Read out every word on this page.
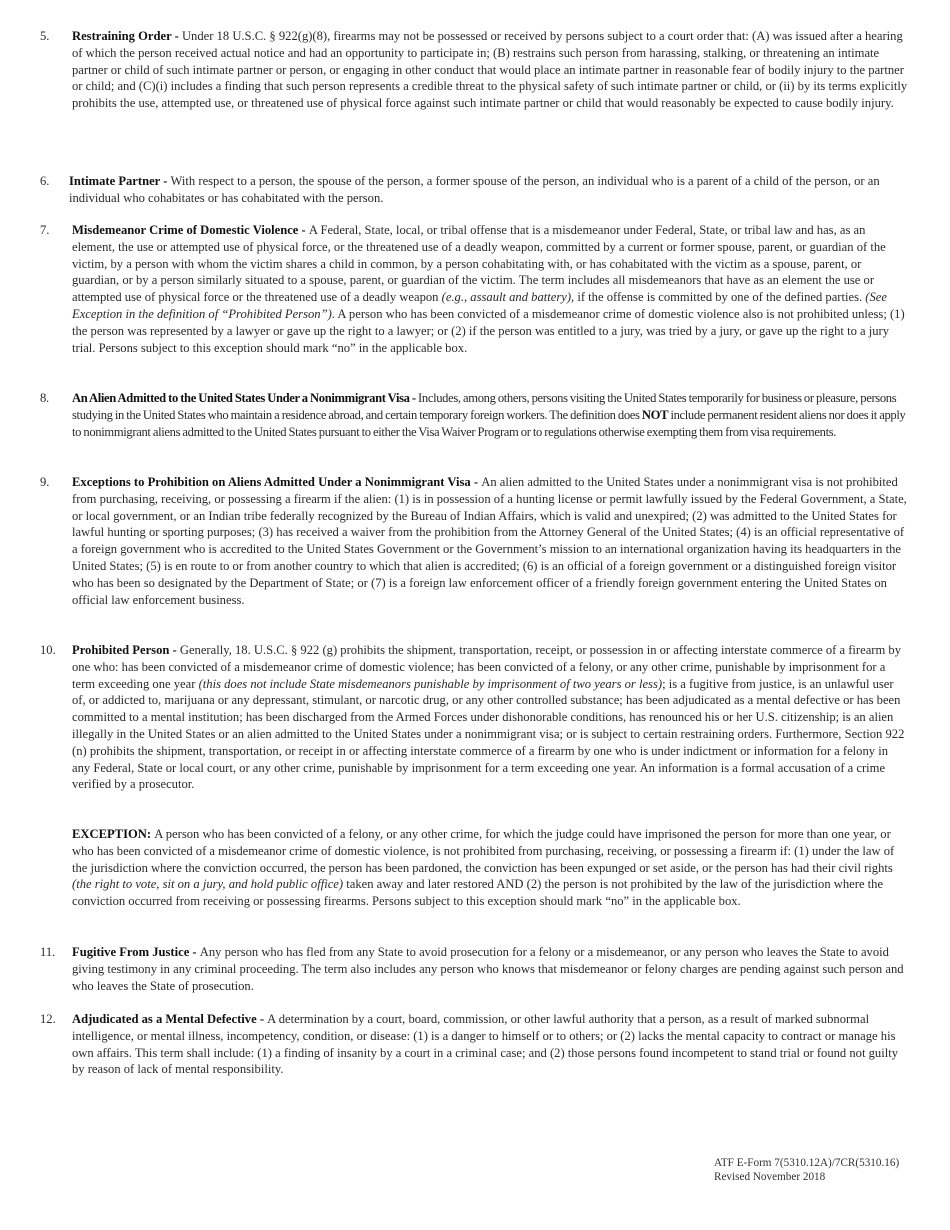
5. Restraining Order - Under 18 U.S.C. § 922(g)(8), firearms may not be possessed or received by persons subject to a court order that: (A) was issued after a hearing of which the person received actual notice and had an opportunity to participate in; (B) restrains such person from harassing, stalking, or threatening an intimate partner or child of such intimate partner or person, or engaging in other conduct that would place an intimate partner in reasonable fear of bodily injury to the partner or child; and (C)(i) includes a finding that such person represents a credible threat to the physical safety of such intimate partner or child, or (ii) by its terms explicitly prohibits the use, attempted use, or threatened use of physical force against such intimate partner or child that would reasonably be expected to cause bodily injury.
6. Intimate Partner - With respect to a person, the spouse of the person, a former spouse of the person, an individual who is a parent of a child of the person, or an individual who cohabitates or has cohabitated with the person.
7. Misdemeanor Crime of Domestic Violence - A Federal, State, local, or tribal offense that is a misdemeanor under Federal, State, or tribal law and has, as an element, the use or attempted use of physical force, or the threatened use of a deadly weapon, committed by a current or former spouse, parent, or guardian of the victim, by a person with whom the victim shares a child in common, by a person cohabitating with, or has cohabitated with the victim as a spouse, parent, or guardian, or by a person similarly situated to a spouse, parent, or guardian of the victim. The term includes all misdemeanors that have as an element the use or attempted use of physical force or the threatened use of a deadly weapon (e.g., assault and battery), if the offense is committed by one of the defined parties. (See Exception in the definition of “Prohibited Person”). A person who has been convicted of a misdemeanor crime of domestic violence also is not prohibited unless; (1) the person was represented by a lawyer or gave up the right to a lawyer; or (2) if the person was entitled to a jury, was tried by a jury, or gave up the right to a jury trial. Persons subject to this exception should mark “no” in the applicable box.
8. An Alien Admitted to the United States Under a Nonimmigrant Visa - Includes, among others, persons visiting the United States temporarily for business or pleasure, persons studying in the United States who maintain a residence abroad, and certain temporary foreign workers. The definition does NOT include permanent resident aliens nor does it apply to nonimmigrant aliens admitted to the United States pursuant to either the Visa Waiver Program or to regulations otherwise exempting them from visa requirements.
9. Exceptions to Prohibition on Aliens Admitted Under a Nonimmigrant Visa - An alien admitted to the United States under a nonimmigrant visa is not prohibited from purchasing, receiving, or possessing a firearm if the alien: (1) is in possession of a hunting license or permit lawfully issued by the Federal Government, a State, or local government, or an Indian tribe federally recognized by the Bureau of Indian Affairs, which is valid and unexpired; (2) was admitted to the United States for lawful hunting or sporting purposes; (3) has received a waiver from the prohibition from the Attorney General of the United States; (4) is an official representative of a foreign government who is accredited to the United States Government or the Government’s mission to an international organization having its headquarters in the United States; (5) is en route to or from another country to which that alien is accredited; (6) is an official of a foreign government or a distinguished foreign visitor who has been so designated by the Department of State; or (7) is a foreign law enforcement officer of a friendly foreign government entering the United States on official law enforcement business.
10. Prohibited Person - Generally, 18. U.S.C. § 922 (g) prohibits the shipment, transportation, receipt, or possession in or affecting interstate commerce of a firearm by one who: has been convicted of a misdemeanor crime of domestic violence; has been convicted of a felony, or any other crime, punishable by imprisonment for a term exceeding one year (this does not include State misdemeanors punishable by imprisonment of two years or less); is a fugitive from justice, is an unlawful user of, or addicted to, marijuana or any depressant, stimulant, or narcotic drug, or any other controlled substance; has been adjudicated as a mental defective or has been committed to a mental institution; has been discharged from the Armed Forces under dishonorable conditions, has renounced his or her U.S. citizenship; is an alien illegally in the United States or an alien admitted to the United States under a nonimmigrant visa; or is subject to certain restraining orders. Furthermore, Section 922 (n) prohibits the shipment, transportation, or receipt in or affecting interstate commerce of a firearm by one who is under indictment or information for a felony in any Federal, State or local court, or any other crime, punishable by imprisonment for a term exceeding one year. An information is a formal accusation of a crime verified by a prosecutor.
EXCEPTION: A person who has been convicted of a felony, or any other crime, for which the judge could have imprisoned the person for more than one year, or who has been convicted of a misdemeanor crime of domestic violence, is not prohibited from purchasing, receiving, or possessing a firearm if: (1) under the law of the jurisdiction where the conviction occurred, the person has been pardoned, the conviction has been expunged or set aside, or the person has had their civil rights (the right to vote, sit on a jury, and hold public office) taken away and later restored AND (2) the person is not prohibited by the law of the jurisdiction where the conviction occurred from receiving or possessing firearms. Persons subject to this exception should mark “no” in the applicable box.
11. Fugitive From Justice - Any person who has fled from any State to avoid prosecution for a felony or a misdemeanor, or any person who leaves the State to avoid giving testimony in any criminal proceeding. The term also includes any person who knows that misdemeanor or felony charges are pending against such person and who leaves the State of prosecution.
12. Adjudicated as a Mental Defective - A determination by a court, board, commission, or other lawful authority that a person, as a result of marked subnormal intelligence, or mental illness, incompetency, condition, or disease: (1) is a danger to himself or to others; or (2) lacks the mental capacity to contract or manage his own affairs. This term shall include: (1) a finding of insanity by a court in a criminal case; and (2) those persons found incompetent to stand trial or found not guilty by reason of lack of mental responsibility.
ATF E-Form 7(5310.12A)/7CR(5310.16)
Revised November 2018
